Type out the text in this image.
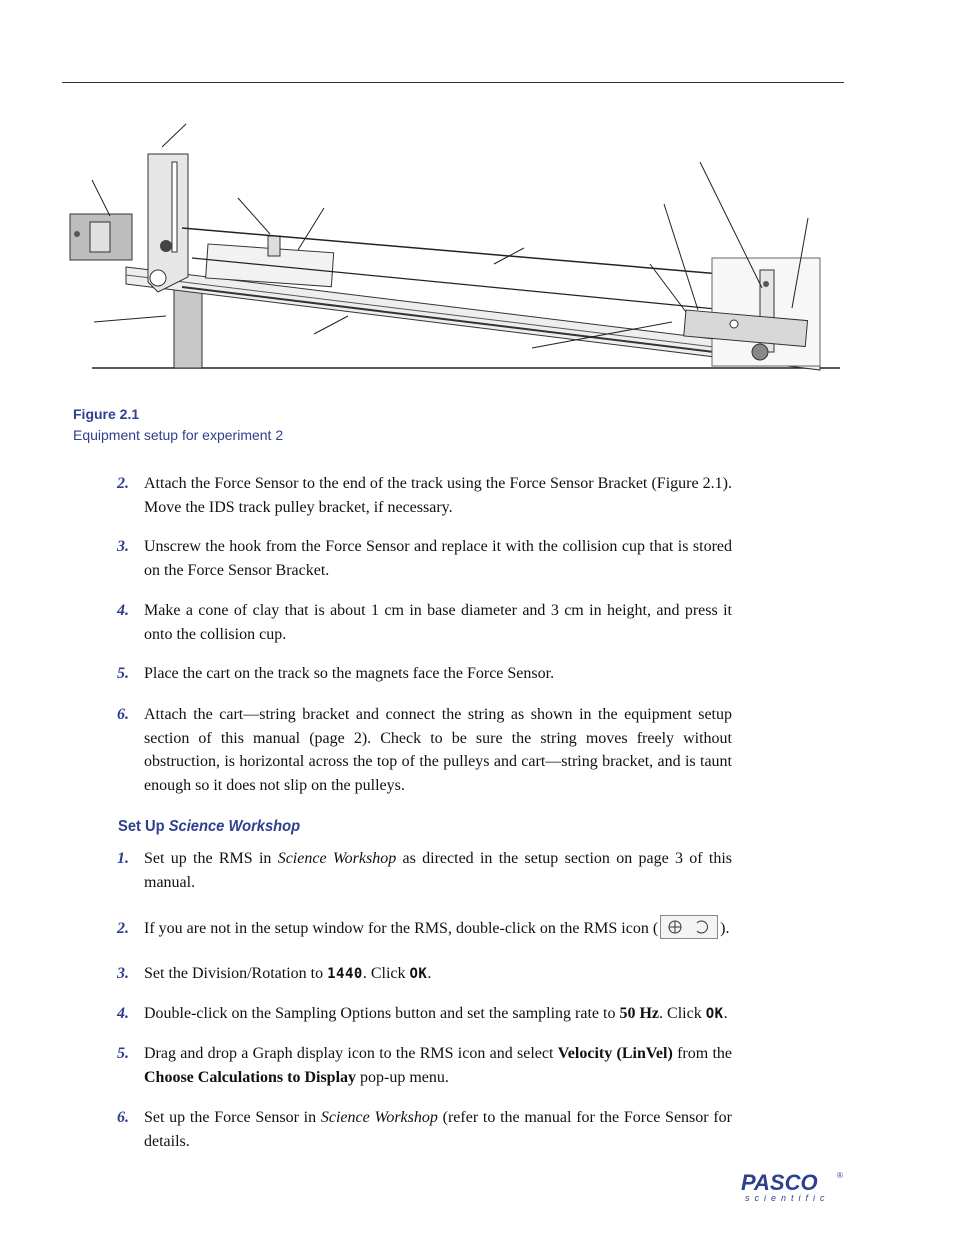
Figure 2.1
Equipment setup for experiment 2
2. Attach the Force Sensor to the end of the track using the Force Sensor Bracket (Figure 2.1). Move the IDS track pulley bracket, if necessary.
3. Unscrew the hook from the Force Sensor and replace it with the collision cup that is stored on the Force Sensor Bracket.
4. Make a cone of clay that is about 1 cm in base diameter and 3 cm in height, and press it onto the collision cup.
5. Place the cart on the track so the magnets face the Force Sensor.
6. Attach the cart—string bracket and connect the string as shown in the equipment setup section of this manual (page 2). Check to be sure the string moves freely without obstruction, is horizontal across the top of the pulleys and cart—string bracket, and is taunt enough so it does not slip on the pulleys.
Set Up Science Workshop
1. Set up the RMS in Science Workshop as directed in the setup section on page 3 of this manual.
2. If you are not in the setup window for the RMS, double-click on the RMS icon (	).
3. Set the Division/Rotation to 1440. Click OK.
4. Double-click on the Sampling Options button and set the sampling rate to 50 Hz. Click OK.
5. Drag and drop a Graph display icon to the RMS icon and select Velocity (LinVel) from the Choose Calculations to Display pop-up menu.
6. Set up the Force Sensor in Science Workshop (refer to the manual for the Force Sensor for details.
PASCO ®
scientific
